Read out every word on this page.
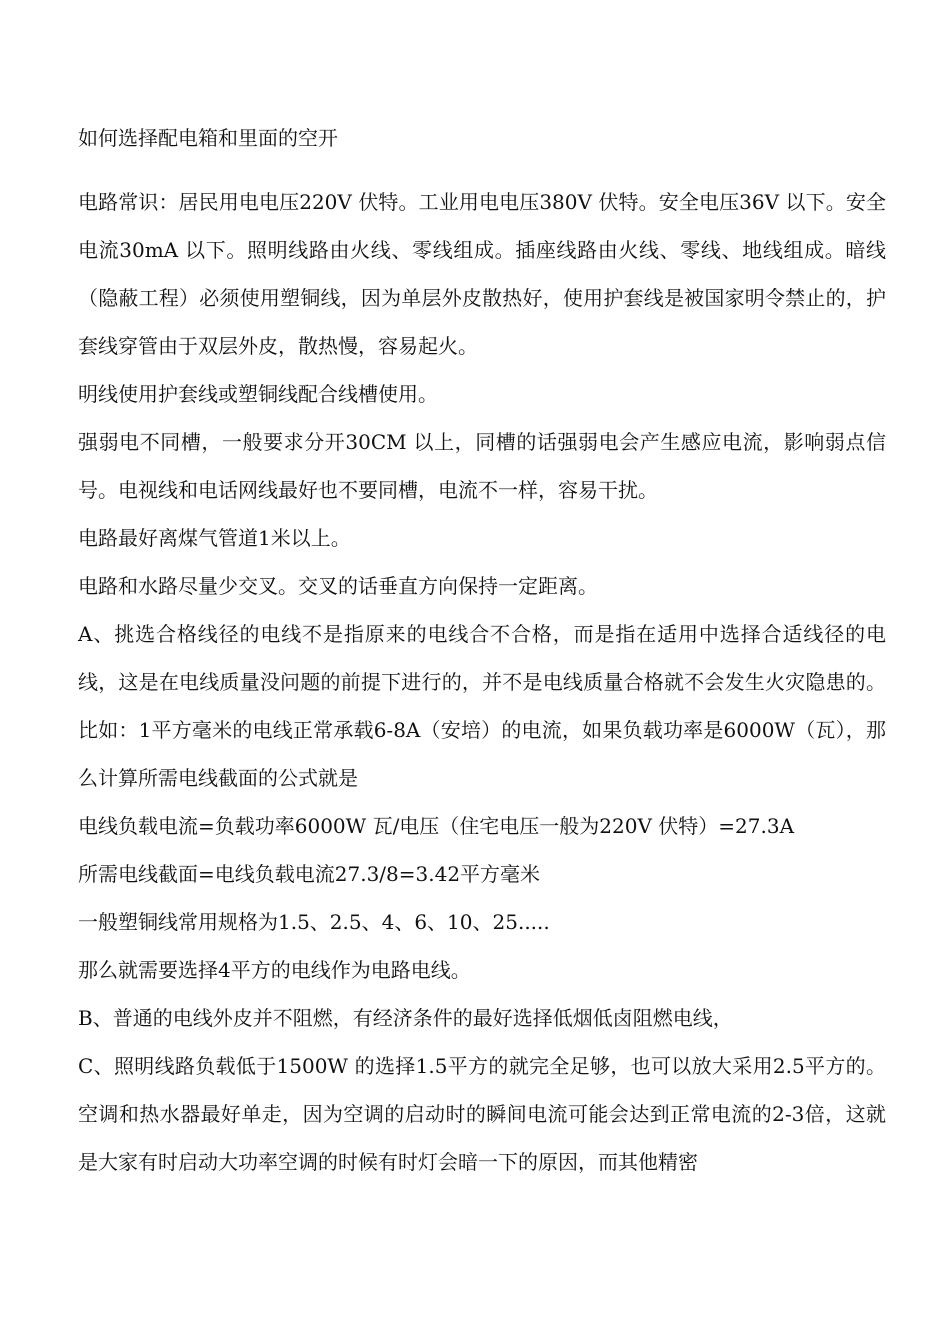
如何选择配电箱和里面的空开

电路常识：居民用电电压220V 伏特。工业用电电压380V 伏特。安全电压36V 以下。安全电流30mA 以下。照明线路由火线、零线组成。插座线路由火线、零线、地线组成。暗线（隐蔽工程）必须使用塑铜线，因为单层外皮散热好，使用护套线是被国家明令禁止的，护套线穿管由于双层外皮，散热慢，容易起火。

明线使用护套线或塑铜线配合线槽使用。

强弱电不同槽，一般要求分开30CM 以上，同槽的话强弱电会产生感应电流，影响弱点信号。电视线和电话网线最好也不要同槽，电流不一样，容易干扰。

电路最好离煤气管道1米以上。

电路和水路尽量少交叉。交叉的话垂直方向保持一定距离。

A、挑选合格线径的电线不是指原来的电线合不合格，而是指在适用中选择合适线径的电线，这是在电线质量没问题的前提下进行的，并不是电线质量合格就不会发生火灾隐患的。比如：1平方毫米的电线正常承载6-8A（安培）的电流，如果负载功率是6000W（瓦），那么计算所需电线截面的公式就是

电线负载电流=负载功率6000W 瓦/电压（住宅电压一般为220V 伏特）=27.3A

所需电线截面=电线负载电流27.3/8=3.42平方毫米

一般塑铜线常用规格为1.5、2.5、4、6、10、25.....

那么就需要选择4平方的电线作为电路电线。

B、普通的电线外皮并不阻燃，有经济条件的最好选择低烟低卤阻燃电线，

C、照明线路负载低于1500W 的选择1.5平方的就完全足够，也可以放大采用2.5平方的。空调和热水器最好单走，因为空调的启动时的瞬间电流可能会达到正常电流的2-3倍，这就是大家有时启动大功率空调的时候有时灯会暗一下的原因，而其他精密
